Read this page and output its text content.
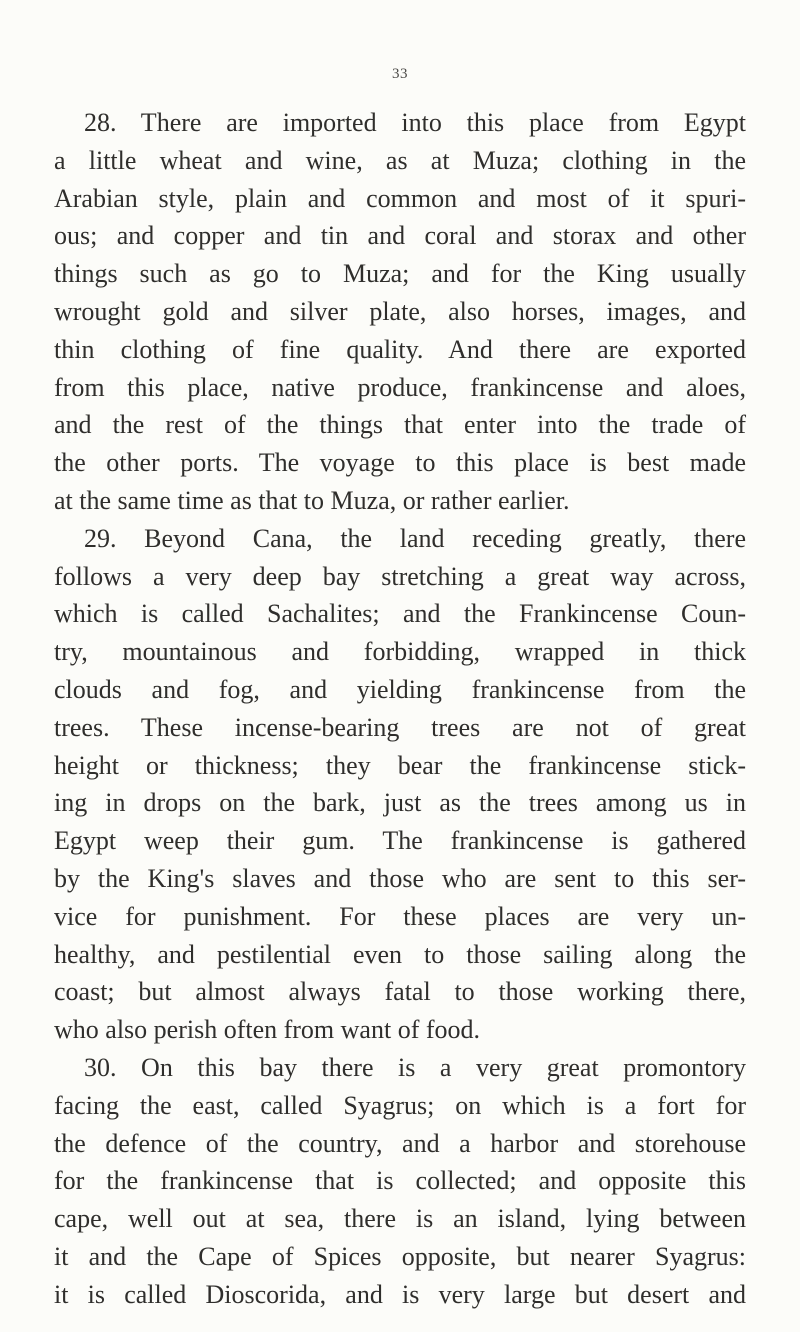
33
28. There are imported into this place from Egypt
a little wheat and wine, as at Muza; clothing in the
Arabian style, plain and common and most of it spuri-
ous; and copper and tin and coral and storax and other
things such as go to Muza; and for the King usually
wrought gold and silver plate, also horses, images, and
thin clothing of fine quality. And there are exported
from this place, native produce, frankincense and aloes,
and the rest of the things that enter into the trade of
the other ports. The voyage to this place is best made
at the same time as that to Muza, or rather earlier.
29. Beyond Cana, the land receding greatly, there
follows a very deep bay stretching a great way across,
which is called Sachalites; and the Frankincense Coun-
try, mountainous and forbidding, wrapped in thick
clouds and fog, and yielding frankincense from the
trees. These incense-bearing trees are not of great
height or thickness; they bear the frankincense stick-
ing in drops on the bark, just as the trees among us in
Egypt weep their gum. The frankincense is gathered
by the King's slaves and those who are sent to this ser-
vice for punishment. For these places are very un-
healthy, and pestilential even to those sailing along the
coast; but almost always fatal to those working there,
who also perish often from want of food.
30. On this bay there is a very great promontory
facing the east, called Syagrus; on which is a fort for
the defence of the country, and a harbor and storehouse
for the frankincense that is collected; and opposite this
cape, well out at sea, there is an island, lying between
it and the Cape of Spices opposite, but nearer Syagrus:
it is called Dioscorida, and is very large but desert and
